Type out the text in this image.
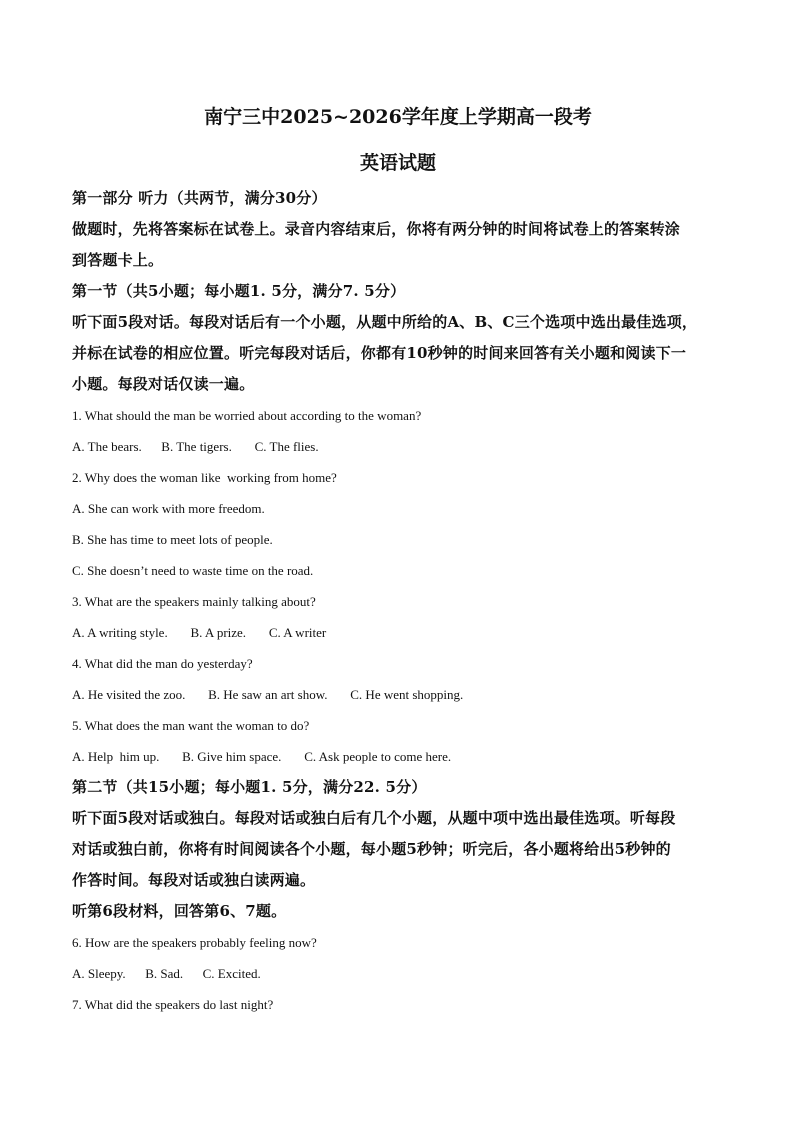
南宁三中2025~2026学年度上学期高一段考

英语试题

第一部分 听力（共两节，满分30分）

做题时，先将答案标在试卷上。录音内容结束后，你将有两分钟的时间将试卷上的答案转涂

到答题卡上。

第一节（共5小题；每小题1. 5分，满分7. 5分）

听下面5段对话。每段对话后有一个小题，从题中所给的A、B、C三个选项中选出最佳选项，

并标在试卷的相应位置。听完每段对话后，你都有10秒钟的时间来回答有关小题和阅读下一

小题。每段对话仅读一遍。

1. What should the man be worried about according to the woman?

A. The bears. B. The tigers. C. The flies.

2. Why does the woman like  working from home?

A. She can work with more freedom.

B. She has time to meet lots of people.

C. She doesn’t need to waste time on the road.

3. What are the speakers mainly talking about?

A. A writing style. B. A prize. C. A writer

4. What did the man do yesterday?

A. He visited the zoo. B. He saw an art show. C. He went shopping.

5. What does the man want the woman to do?

A. Help  him up. B. Give him space. C. Ask people to come here.

第二节（共15小题；每小题1. 5分，满分22. 5分）

听下面5段对话或独白。每段对话或独白后有几个小题，从题中项中选出最佳选项。听每段

对话或独白前，你将有时间阅读各个小题，每小题5秒钟；听完后，各小题将给出5秒钟的

作答时间。每段对话或独白读两遍。

听第6段材料，回答第6、7题。

6. How are the speakers probably feeling now?

A. Sleepy. B. Sad. C. Excited.

7. What did the speakers do last night?
